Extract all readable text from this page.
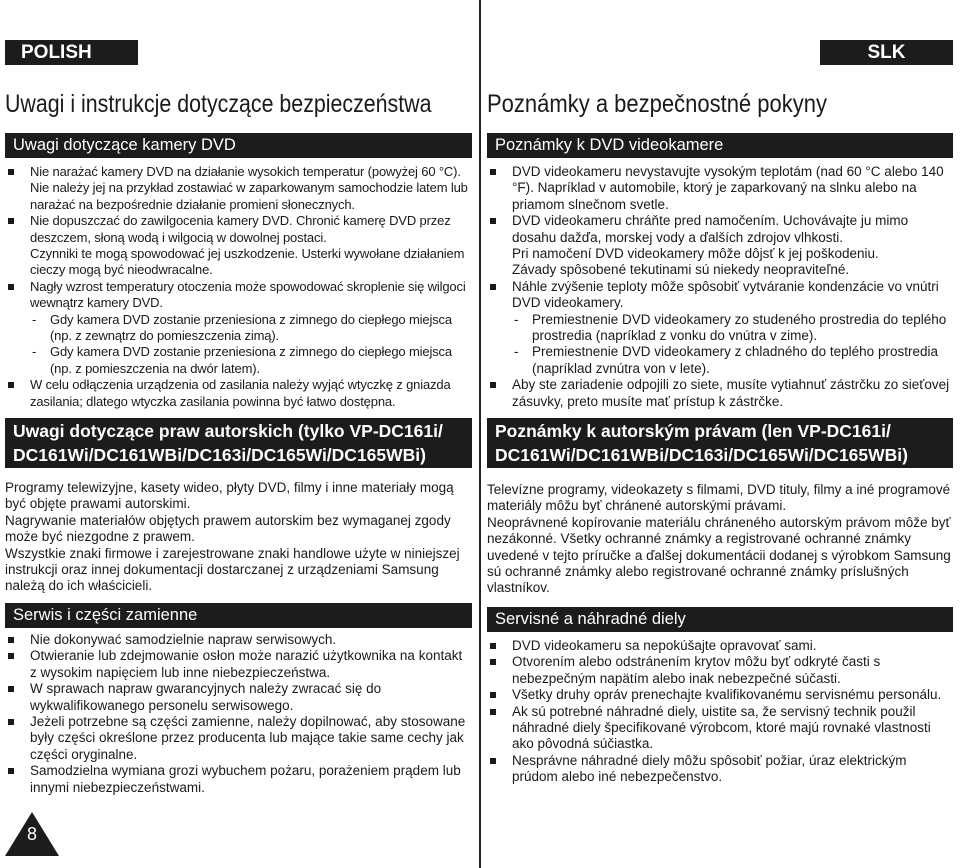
POLISH
Uwagi i instrukcje dotyczące bezpieczeństwa
Uwagi dotyczące kamery DVD
Nie narażać kamery DVD na działanie wysokich temperatur (powyżej 60 °C).
Nie należy jej na przykład zostawiać w zaparkowanym samochodzie latem lub narażać na bezpośrednie działanie promieni słonecznych.
Nie dopuszczać do zawilgocenia kamery DVD. Chronić kamerę DVD przez deszczem, słoną wodą i wilgocią w dowolnej postaci.
Czynniki te mogą spowodować jej uszkodzenie. Usterki wywołane działaniem cieczy mogą być nieodwracalne.
Nagły wzrost temperatury otoczenia może spowodować skroplenie się wilgoci wewnątrz kamery DVD.
- Gdy kamera DVD zostanie przeniesiona z zimnego do ciepłego miejsca (np. z zewnątrz do pomieszczenia zimą).
- Gdy kamera DVD zostanie przeniesiona z zimnego do ciepłego miejsca (np. z pomieszczenia na dwór latem).
W celu odłączenia urządzenia od zasilania należy wyjąć wtyczkę z gniazda zasilania; dlatego wtyczka zasilania powinna być łatwo dostępna.
Uwagi dotyczące praw autorskich (tylko VP-DC161i/
DC161Wi/DC161WBi/DC163i/DC165Wi/DC165WBi)

Programy telewizyjne, kasety wideo, płyty DVD, filmy i inne materiały mogą być objęte prawami autorskimi.

Nagrywanie materiałów objętych prawem autorskim bez wymaganej zgody może być niezgodne z prawem.

Wszystkie znaki firmowe i zarejestrowane znaki handlowe użyte w niniejszej instrukcji oraz innej dokumentacji dostarczanej z urządzeniami Samsung należą do ich właścicieli.

Serwis i części zamienne
Nie dokonywać samodzielnie napraw serwisowych.
Otwieranie lub zdejmowanie osłon może narazić użytkownika na kontakt z wysokim napięciem lub inne niebezpieczeństwa.
W sprawach napraw gwarancyjnych należy zwracać się do wykwalifikowanego personelu serwisowego.
Jeżeli potrzebne są części zamienne, należy dopilnować, aby stosowane były części określone przez producenta lub mające takie same cechy jak części oryginalne.
Samodzielna wymiana grozi wybuchem pożaru, porażeniem prądem lub innymi niebezpieczeństwami.
8
SLK
Poznámky a bezpečnostné pokyny
Poznámky k DVD videokamere
DVD videokameru nevystavujte vysokým teplotám (nad 60 °C alebo 140 °F). Napríklad v automobile, ktorý je zaparkovaný na slnku alebo na priamom slnečnom svetle.
DVD videokameru chráňte pred namočením. Uchovávajte ju mimo dosahu dažďa, morskej vody a ďalších zdrojov vlhkosti.
Pri namočení DVD videokamery môže dôjsť k jej poškodeniu.
Závady spôsobené tekutinami sú niekedy neopraviteľné.
Náhle zvýšenie teploty môže spôsobiť vytváranie kondenzácie vo vnútri DVD videokamery.
- Premiestnenie DVD videokamery zo studeného prostredia do teplého prostredia (napríklad z vonku do vnútra v zime).
- Premiestnenie DVD videokamery z chladného do teplého prostredia (napríklad zvnútra von v lete).
Aby ste zariadenie odpojili zo siete, musíte vytiahnuť zástrčku zo sieťovej zásuvky, preto musíte mať prístup k zástrčke.
Poznámky k autorským právam (len VP-DC161i/
DC161Wi/DC161WBi/DC163i/DC165Wi/DC165WBi)

Televízne programy, videokazety s filmami, DVD tituly, filmy a iné programové materiály môžu byť chránené autorskými právami.

Neoprávnené kopírovanie materiálu chráneného autorským právom môže byť nezákonné. Všetky ochranné známky a registrované ochranné známky uvedené v tejto príručke a ďalšej dokumentácii dodanej s výrobkom Samsung sú ochranné známky alebo registrované ochranné známky príslušných vlastníkov.

Servisné a náhradné diely
DVD videokameru sa nepokúšajte opravovať sami.
Otvorením alebo odstránením krytov môžu byť odkryté časti s nebezpečným napätím alebo inak nebezpečné súčasti.
Všetky druhy opráv prenechajte kvalifikovanému servisnému personálu.
Ak sú potrebné náhradné diely, uistite sa, že servisný technik použil náhradné diely špecifikované výrobcom, ktoré majú rovnaké vlastnosti ako pôvodná súčiastka.
Nesprávne náhradné diely môžu spôsobiť požiar, úraz elektrickým prúdom alebo iné nebezpečenstvo.
